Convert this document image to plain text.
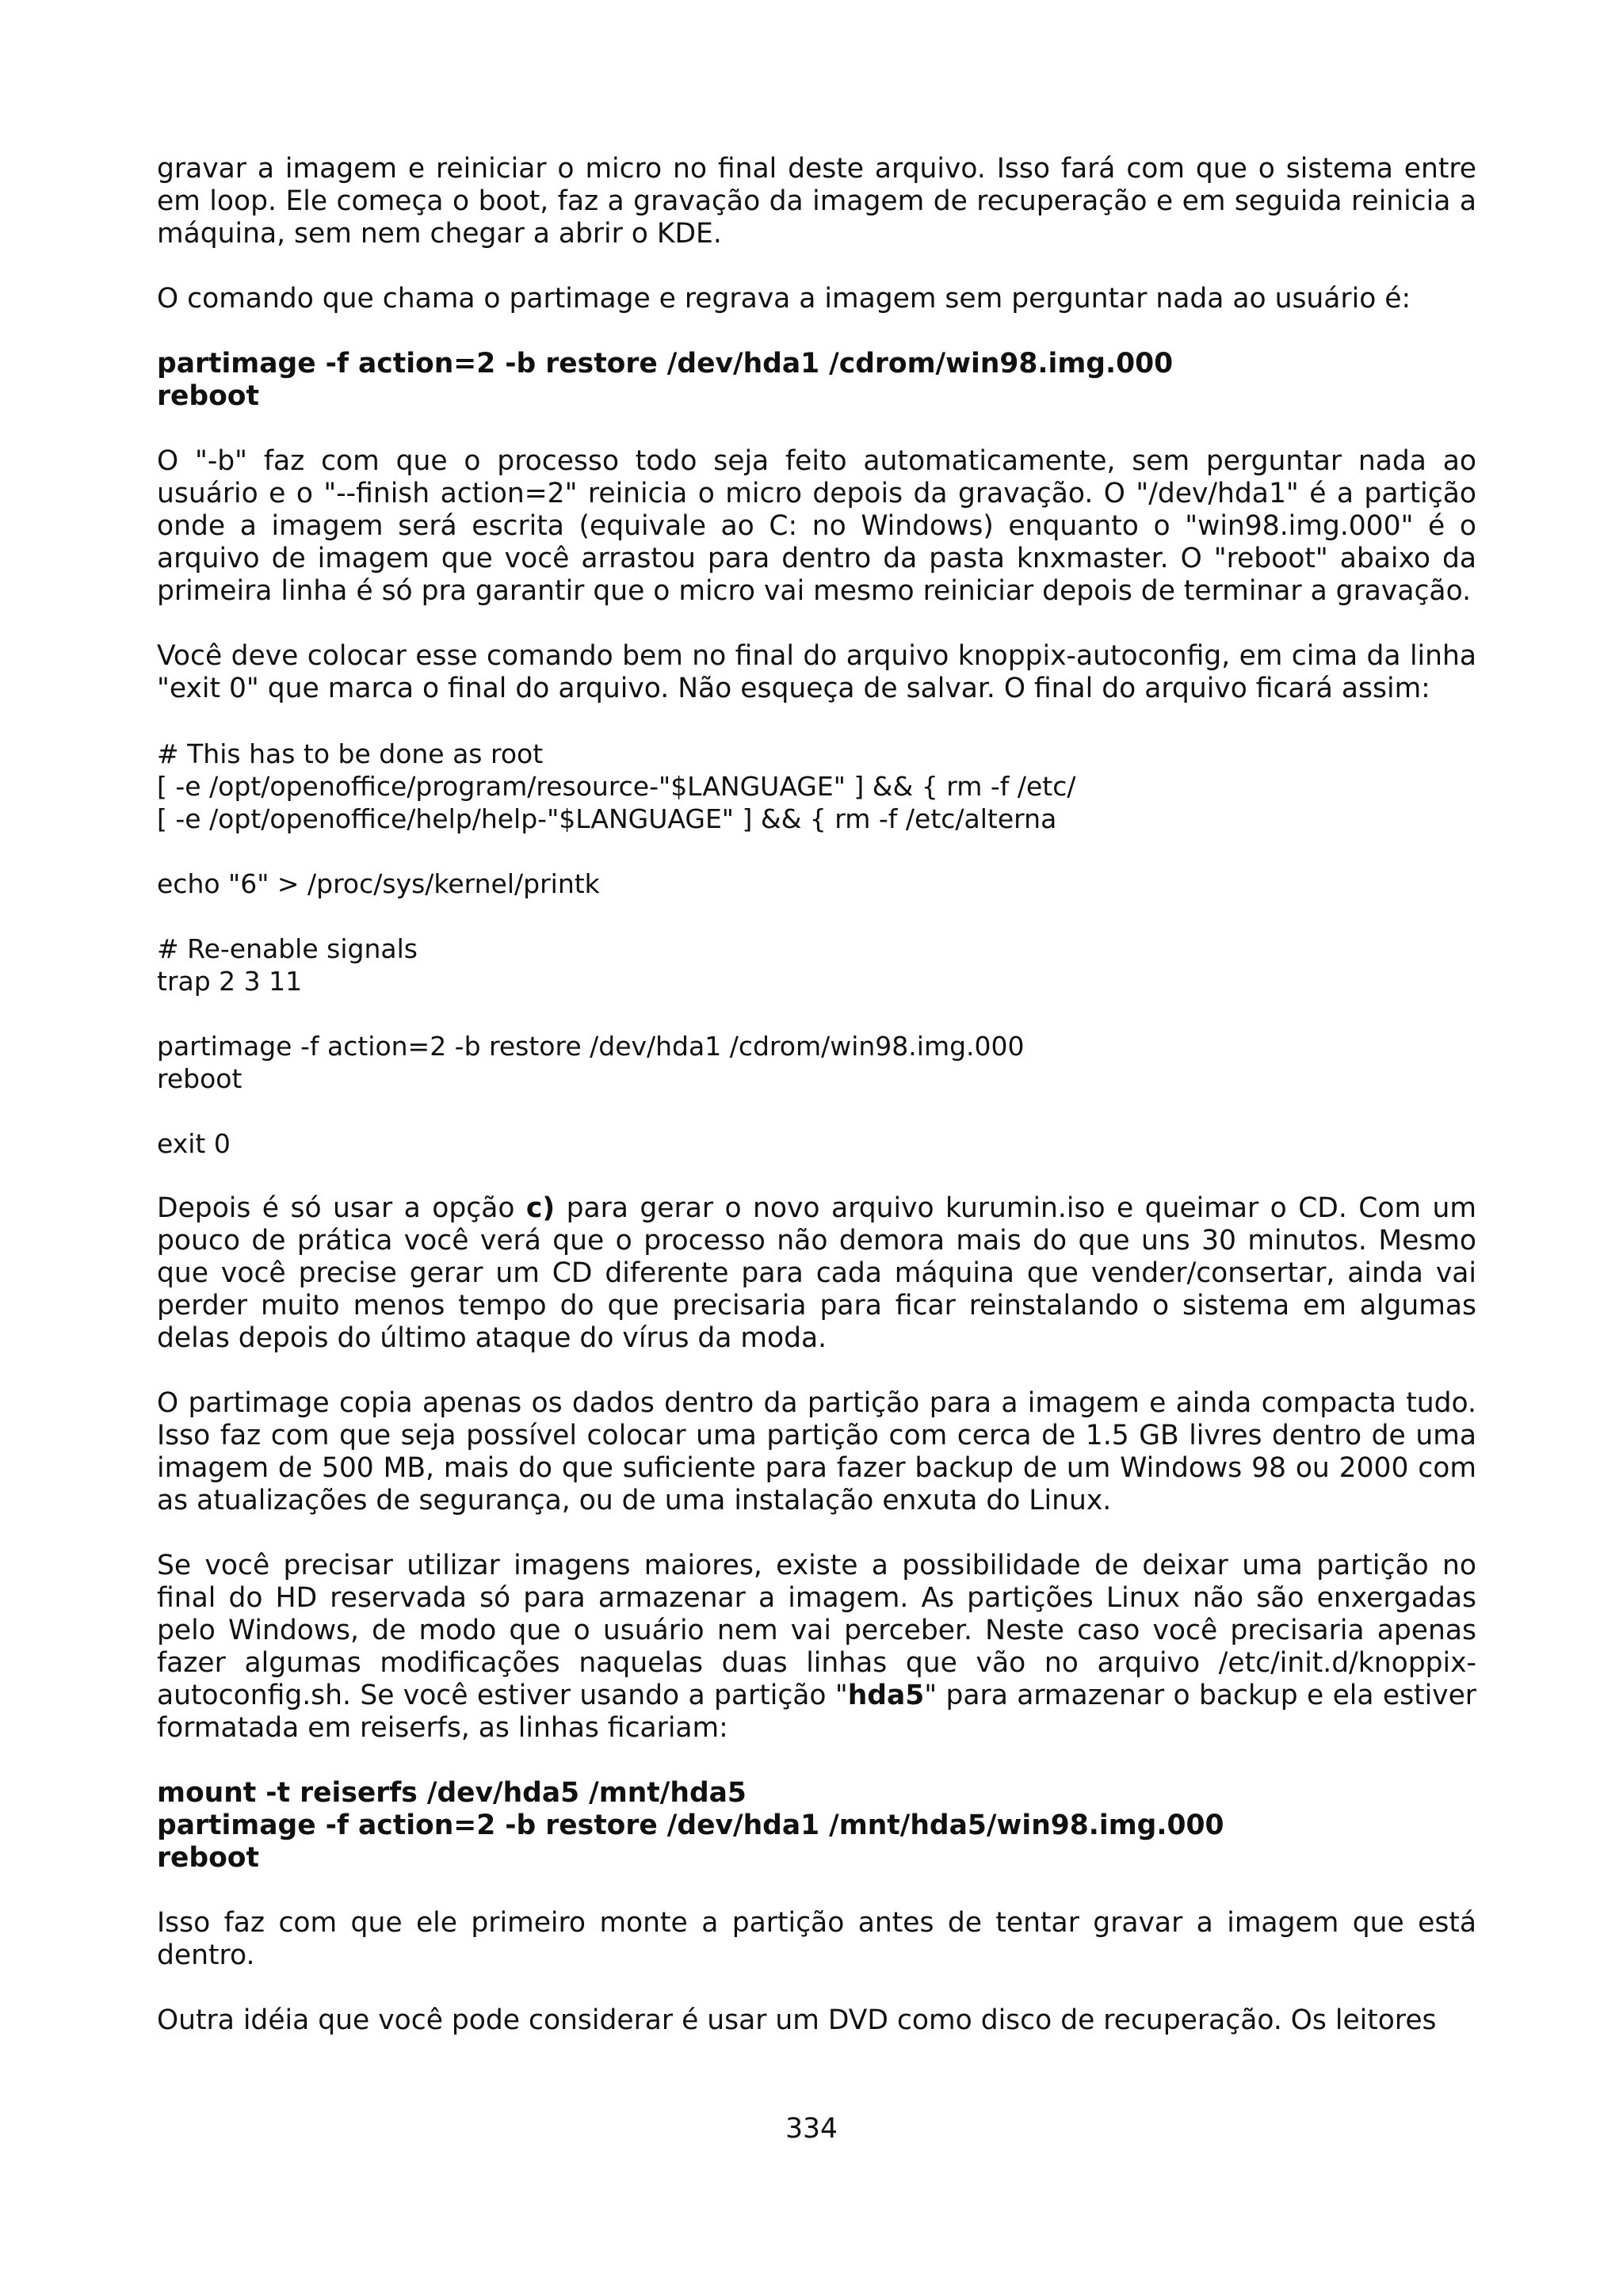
gravar a imagem e reiniciar o micro no final deste arquivo. Isso fará com que o sistema entre em loop. Ele começa o boot, faz a gravação da imagem de recuperação e em seguida reinicia a máquina, sem nem chegar a abrir o KDE.

O comando que chama o partimage e regrava a imagem sem perguntar nada ao usuário é:

partimage -f action=2 -b restore /dev/hda1 /cdrom/win98.img.000
reboot

O "-b" faz com que o processo todo seja feito automaticamente, sem perguntar nada ao usuário e o "--finish action=2" reinicia o micro depois da gravação. O "/dev/hda1" é a partição onde a imagem será escrita (equivale ao C: no Windows) enquanto o "win98.img.000" é o arquivo de imagem que você arrastou para dentro da pasta knxmaster. O "reboot" abaixo da primeira linha é só pra garantir que o micro vai mesmo reiniciar depois de terminar a gravação.

Você deve colocar esse comando bem no final do arquivo knoppix-autoconfig, em cima da linha "exit 0" que marca o final do arquivo. Não esqueça de salvar. O final do arquivo ficará assim:

# This has to be done as root
[ -e /opt/openoffice/program/resource-"$LANGUAGE" ] && { rm -f /etc/
[ -e /opt/openoffice/help/help-"$LANGUAGE" ] && { rm -f /etc/alterna
echo "6" > /proc/sys/kernel/printk
# Re-enable signals
trap 2 3 11
partimage -f action=2 -b restore /dev/hda1 /cdrom/win98.img.000
reboot
exit 0

Depois é só usar a opção c) para gerar o novo arquivo kurumin.iso e queimar o CD. Com um pouco de prática você verá que o processo não demora mais do que uns 30 minutos. Mesmo que você precise gerar um CD diferente para cada máquina que vender/consertar, ainda vai perder muito menos tempo do que precisaria para ficar reinstalando o sistema em algumas delas depois do último ataque do vírus da moda.

O partimage copia apenas os dados dentro da partição para a imagem e ainda compacta tudo. Isso faz com que seja possível colocar uma partição com cerca de 1.5 GB livres dentro de uma imagem de 500 MB, mais do que suficiente para fazer backup de um Windows 98 ou 2000 com as atualizações de segurança, ou de uma instalação enxuta do Linux.

Se você precisar utilizar imagens maiores, existe a possibilidade de deixar uma partição no final do HD reservada só para armazenar a imagem. As partições Linux não são enxergadas pelo Windows, de modo que o usuário nem vai perceber. Neste caso você precisaria apenas fazer algumas modificações naquelas duas linhas que vão no arquivo /etc/init.d/knoppix-autoconfig.sh. Se você estiver usando a partição "hda5" para armazenar o backup e ela estiver formatada em reiserfs, as linhas ficariam:

mount -t reiserfs /dev/hda5 /mnt/hda5
partimage -f action=2 -b restore /dev/hda1 /mnt/hda5/win98.img.000
reboot

Isso faz com que ele primeiro monte a partição antes de tentar gravar a imagem que está dentro.

Outra idéia que você pode considerar é usar um DVD como disco de recuperação. Os leitores

334
